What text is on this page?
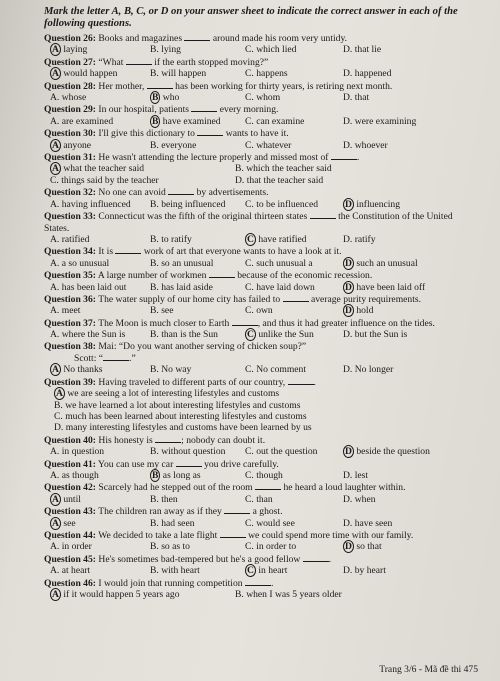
Mark the letter A, B, C, or D on your answer sheet to indicate the correct answer in each of the following questions.
Question 26: Books and magazines	around made his room very untidy.
A laying	B. lying	C. which lied	D. that lie
Question 27: “What	if the earth stopped moving?”
A would happen	B. will happen	C. happens	D. happened
Question 28: Her mother,	has been working for thirty years, is retiring next month.
A. whose	B who	C. whom	D. that
Question 29: In our hospital, patients	every morning.
A. are examined	B have examined	C. can examine	D. were examining
Question 30: I'll give this dictionary to	wants to have it.
A anyone	B. everyone	C. whatever	D. whoever
Question 31: He wasn't attending the lecture properly and missed most of	.
A what the teacher said	B. which the teacher said
C. things said by the teacher	D. that the teacher said
Question 32: No one can avoid	by advertisements.
A. having influenced	B. being influenced	C. to be influenced	D influencing
Question 33: Connecticut was the fifth of the original thirteen states	the Constitution of the United States.
A. ratified	B. to ratify	C have ratified	D. ratify
Question 34: It is	work of art that everyone wants to have a look at it.
A. a so unusual	B. so an unusual	C. such unusual a	D such an unusual
Question 35: A large number of workmen	because of the economic recession.
A. has been laid out	B. has laid aside	C. have laid down	D have been laid off
Question 36: The water supply of our home city has failed to	average purity requirements.
A. meet	B. see	C. own	D hold
Question 37: The Moon is much closer to Earth	, and thus it had greater influence on the tides.
A. where the Sun is	B. than is the Sun	C unlike the Sun	D. but the Sun is
Question 38: Mai: “Do you want another serving of chicken soup?”
Scott: “	.”
A No thanks	B. No way	C. No comment	D. No longer
Question 39: Having traveled to different parts of our country,	.
A we are seeing a lot of interesting lifestyles and customs
B. we have learned a lot about interesting lifestyles and customs
C. much has been learned about interesting lifestyles and customs
D. many interesting lifestyles and customs have been learned by us
Question 40: His honesty is	; nobody can doubt it.
A. in question	B. without question	C. out the question	D beside the question
Question 41: You can use my car	you drive carefully.
A. as though	B as long as	C. though	D. lest
Question 42: Scarcely had he stepped out of the room	he heard a loud laughter within.
A until	B. then	C. than	D. when
Question 43: The children ran away as if they	a ghost.
A see	B. had seen	C. would see	D. have seen
Question 44: We decided to take a late flight	we could spend more time with our family.
A. in order	B. so as to	C. in order to	D so that
Question 45: He's sometimes bad-tempered but he's a good fellow	.
A. at heart	B. with heart	C in heart	D. by heart
Question 46: I would join that running competition	.
A if it would happen 5 years ago	B. when I was 5 years older
Trang 3/6 - Mã đề thi 475
